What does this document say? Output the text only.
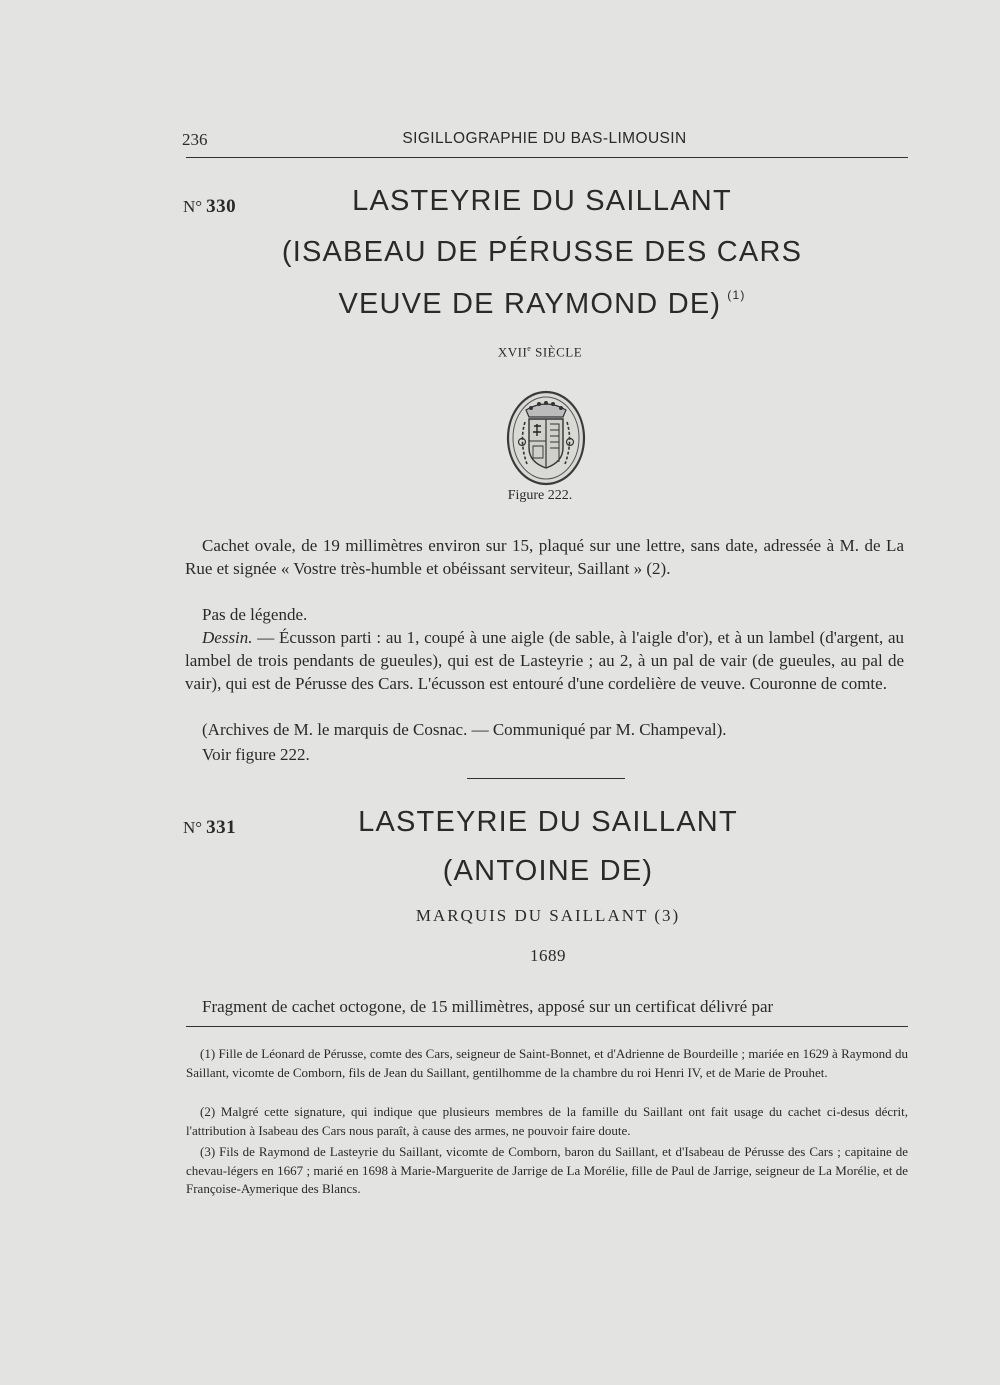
236	SIGILLOGRAPHIE DU BAS-LIMOUSIN
N° 330	LASTEYRIE DU SAILLANT
(ISABEAU DE PÉRUSSE DES CARS
VEUVE DE RAYMOND DE) $^{(1)}$
XVIIe SIÈCLE
Figure 222.

Cachet ovale, de 19 millimètres environ sur 15, plaqué sur une lettre, sans date, adressée à M. de La Rue et signée « Vostre très-humble et obéissant serviteur, Saillant » (2).

Pas de légende.

Dessin. — Écusson parti : au 1, coupé à une aigle (de sable, à l'aigle d'or), et à un lambel (d'argent, au lambel de trois pendants de gueules), qui est de Lasteyrie ; au 2, à un pal de vair (de gueules, au pal de vair), qui est de Pérusse des Cars. L'écusson est entouré d'une cordelière de veuve. Couronne de comte.

(Archives de M. le marquis de Cosnac. — Communiqué par M. Champeval).

Voir figure 222.

N° 331	LASTEYRIE DU SAILLANT
(ANTOINE DE)
MARQUIS DU SAILLANT (3)
1689

Fragment de cachet octogone, de 15 millimètres, apposé sur un certificat délivré par

(1) Fille de Léonard de Pérusse, comte des Cars, seigneur de Saint-Bonnet, et d'Adrienne de Bourdeille ; mariée en 1629 à Raymond du Saillant, vicomte de Comborn, fils de Jean du Saillant, gentilhomme de la chambre du roi Henri IV, et de Marie de Prouhet.

(2) Malgré cette signature, qui indique que plusieurs membres de la famille du Saillant ont fait usage du cachet ci-desus décrit, l'attribution à Isabeau des Cars nous paraît, à cause des armes, ne pouvoir faire doute.

(3) Fils de Raymond de Lasteyrie du Saillant, vicomte de Comborn, baron du Saillant, et d'Isabeau de Pérusse des Cars ; capitaine de chevau-légers en 1667 ; marié en 1698 à Marie-Marguerite de Jarrige de La Morélie, fille de Paul de Jarrige, seigneur de La Morélie, et de Françoise-Aymerique des Blancs.
